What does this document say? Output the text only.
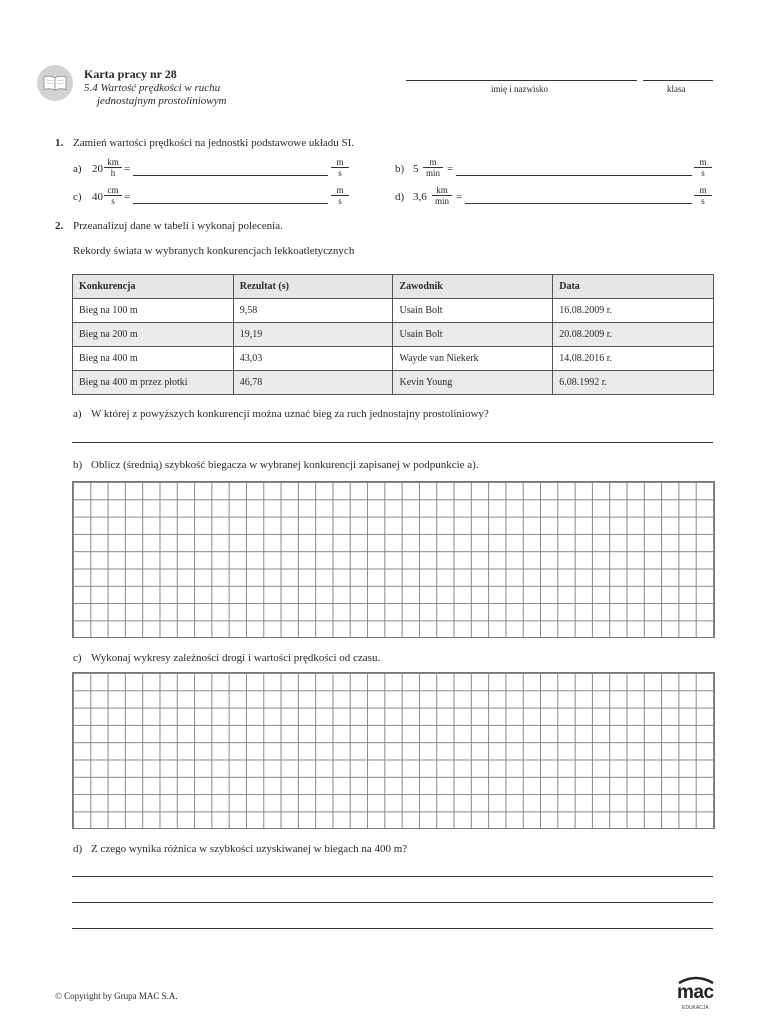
Karta pracy nr 28
5.4 Wartość prędkości w ruchu
jednostajnym prostoliniowym
imię i nazwisko	klasa
1. Zamień wartości prędkości na jednostki podstawowe układu SI.
a) 20
km
h =
m
s	b) 5
m
min =
m
s
c) 40
cm
s =
m
s	d) 3,6
km
min =
m
s
2. Przeanalizuj dane w tabeli i wykonaj polecenia.
Rekordy świata w wybranych konkurencjach lekkoatletycznych
Konkurencja	Rezultat (s)	Zawodnik	Data
Bieg na 100 m	9,58	Usain Bolt	16.08.2009 r.
Bieg na 200 m	19,19	Usain Bolt	20.08.2009 r.
Bieg na 400 m	43,03	Wayde van Niekerk	14.08.2016 r.
Bieg na 400 m przez płotki	46,78	Kevin Young	6.08.1992 r.
a) W której z powyższych konkurencji można uznać bieg za ruch jednostajny prostoliniowy?
b) Oblicz (średnią) szybkość biegacza w wybranej konkurencji zapisanej w podpunkcie a).
c) Wykonaj wykresy zależności drogi i wartości prędkości od czasu.
d) Z czego wynika różnica w szybkości uzyskiwanej w biegach na 400 m?
© Copyright by Grupa MAC S.A.	mac
EDUKACJA
